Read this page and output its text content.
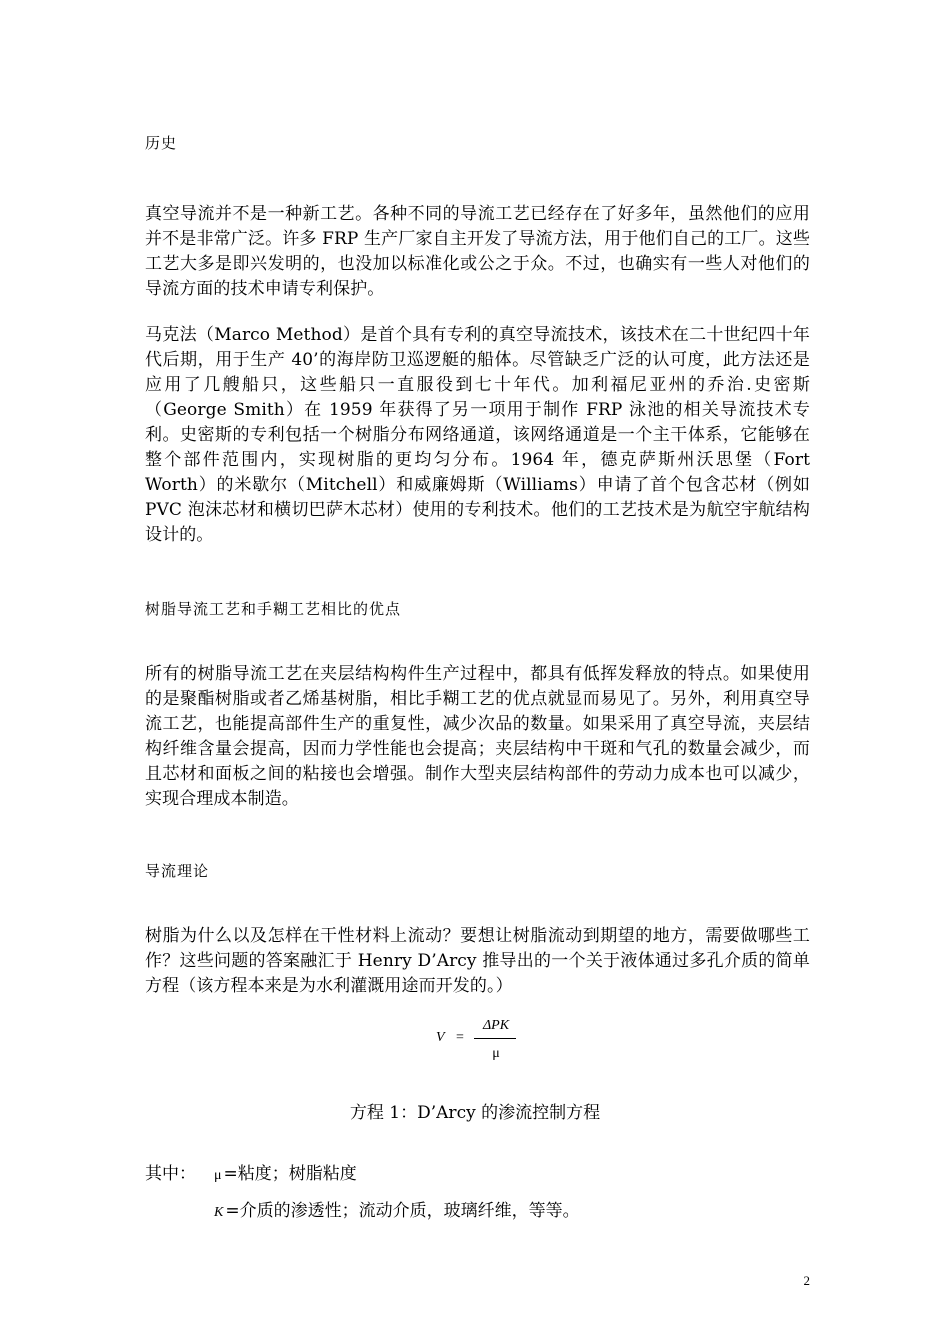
历史

真空导流并不是一种新工艺。各种不同的导流工艺已经存在了好多年，虽然他们的应用并不是非常广泛。许多 FRP 生产厂家自主开发了导流方法，用于他们自己的工厂。这些工艺大多是即兴发明的，也没加以标准化或公之于众。不过，也确实有一些人对他们的导流方面的技术申请专利保护。

马克法（Marco Method）是首个具有专利的真空导流技术，该技术在二十世纪四十年代后期，用于生产 40’的海岸防卫巡逻艇的船体。尽管缺乏广泛的认可度，此方法还是应用了几艘船只，这些船只一直服役到七十年代。加利福尼亚州的乔治.史密斯（George Smith）在 1959 年获得了另一项用于制作 FRP 泳池的相关导流技术专利。史密斯的专利包括一个树脂分布网络通道，该网络通道是一个主干体系，它能够在整个部件范围内，实现树脂的更均匀分布。1964 年，德克萨斯州沃思堡（Fort Worth）的米歇尔（Mitchell）和威廉姆斯（Williams）申请了首个包含芯材（例如 PVC 泡沫芯材和横切巴萨木芯材）使用的专利技术。他们的工艺技术是为航空宇航结构设计的。

树脂导流工艺和手糊工艺相比的优点

所有的树脂导流工艺在夹层结构构件生产过程中，都具有低挥发释放的特点。如果使用的是聚酯树脂或者乙烯基树脂，相比手糊工艺的优点就显而易见了。另外，利用真空导流工艺，也能提高部件生产的重复性，减少次品的数量。如果采用了真空导流，夹层结构纤维含量会提高，因而力学性能也会提高；夹层结构中干斑和气孔的数量会减少，而且芯材和面板之间的粘接也会增强。制作大型夹层结构部件的劳动力成本也可以减少，实现合理成本制造。

导流理论

树脂为什么以及怎样在干性材料上流动？要想让树脂流动到期望的地方，需要做哪些工作？这些问题的答案融汇于 Henry D’Arcy 推导出的一个关于液体通过多孔介质的简单方程（该方程本来是为水利灌溉用途而开发的。）

V =
ΔPK
μ

方程 1：D’Arcy 的渗流控制方程

其中： μ =粘度；树脂粘度

K =介质的渗透性；流动介质，玻璃纤维，等等。

2
